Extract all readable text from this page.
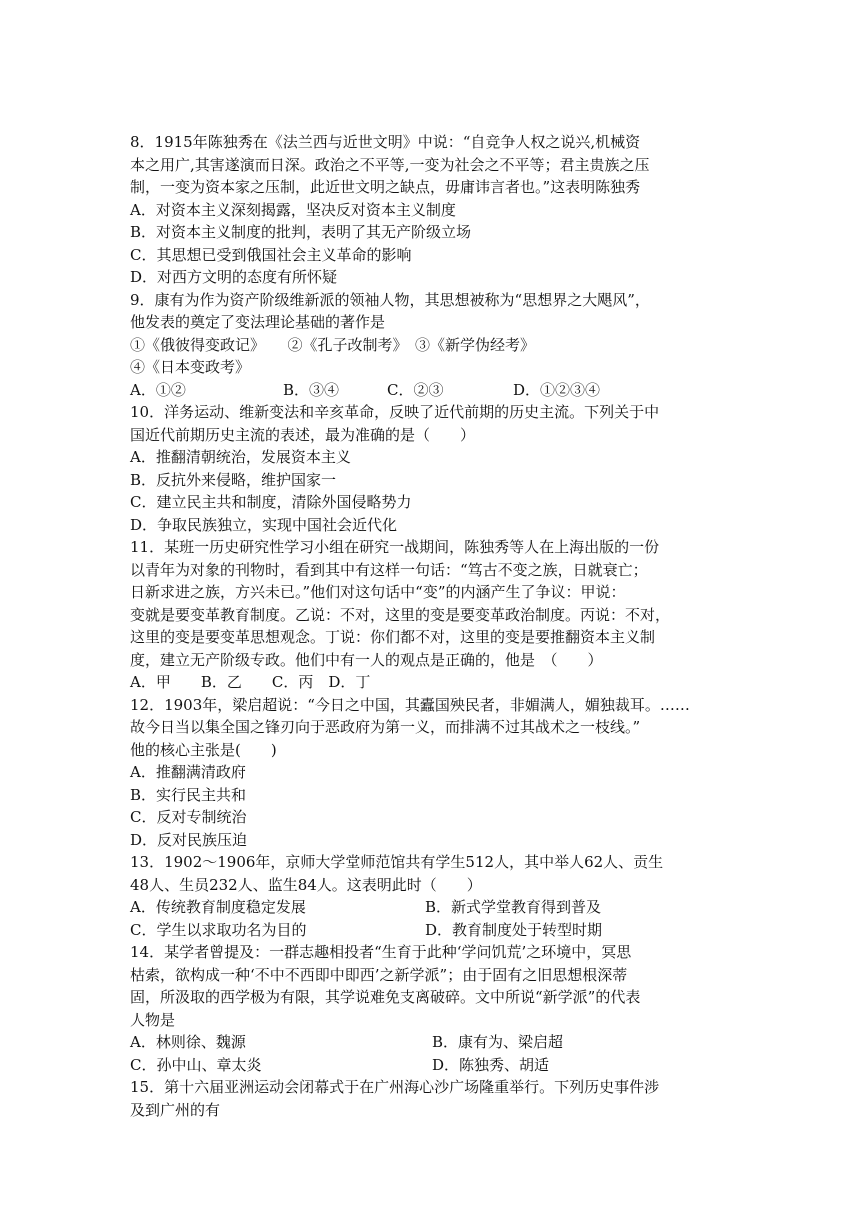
8．1915年陈独秀在《法兰西与近世文明》中说：“自竞争人权之说兴,机械资
本之用广,其害遂演而日深。政治之不平等,一变为社会之不平等；君主贵族之压
制，一变为资本家之压制，此近世文明之缺点，毋庸讳言者也。”这表明陈独秀
A．对资本主义深刻揭露，坚决反对资本主义制度
B．对资本主义制度的批判，表明了其无产阶级立场
C．其思想已受到俄国社会主义革命的影响
D．对西方文明的态度有所怀疑
9．康有为作为资产阶级维新派的领袖人物，其思想被称为“思想界之大飓风”，
他发表的奠定了变法理论基础的著作是
①《俄彼得变政记》　　②《孔子改制考》　③《新学伪经考》
④《日本变政考》
A．①②	B．③④	C．②③	D．①②③④
10．洋务运动、维新变法和辛亥革命，反映了近代前期的历史主流。下列关于中
国近代前期历史主流的表述，最为准确的是（　　）
A．推翻清朝统治，发展资本主义
B．反抗外来侵略，维护国家一
C．建立民主共和制度，清除外国侵略势力
D．争取民族独立，实现中国社会近代化
11．某班一历史研究性学习小组在研究一战期间，陈独秀等人在上海出版的一份
以青年为对象的刊物时，看到其中有这样一句话：“笃古不变之族，日就衰亡；
日新求进之族，方兴未已。”他们对这句话中“变”的内涵产生了争议：甲说：
变就是要变革教育制度。乙说：不对，这里的变是要变革政治制度。丙说：不对，
这里的变是要变革思想观念。丁说：你们都不对，这里的变是要推翻资本主义制
度，建立无产阶级专政。他们中有一人的观点是正确的，他是　（　　）
A．甲　　B．乙　　C．丙　D．丁
12．1903年，梁启超说：“今日之中国，其蠹国殃民者，非媚满人，媚独裁耳。……
故今日当以集全国之锋刃向于恶政府为第一义，而排满不过其战术之一枝线。”
他的核心主张是(　　)
A．推翻满清政府
B．实行民主共和
C．反对专制统治
D．反对民族压迫
13．1902～1906年，京师大学堂师范馆共有学生512人，其中举人62人、贡生
48人、生员232人、监生84人。这表明此时（　　）
A．传统教育制度稳定发展	B．新式学堂教育得到普及
C．学生以求取功名为目的	D．教育制度处于转型时期
14．某学者曾提及：一群志趣相投者“生育于此种‘学问饥荒’之环境中，冥思
枯索，欲构成一种‘不中不西即中即西’之新学派”；由于固有之旧思想根深蒂
固，所汲取的西学极为有限，其学说难免支离破碎。文中所说“新学派”的代表
人物是
A．林则徐、魏源	B．康有为、梁启超
C．孙中山、章太炎	D．陈独秀、胡适
15．第十六届亚洲运动会闭幕式于在广州海心沙广场隆重举行。下列历史事件涉
及到广州的有
